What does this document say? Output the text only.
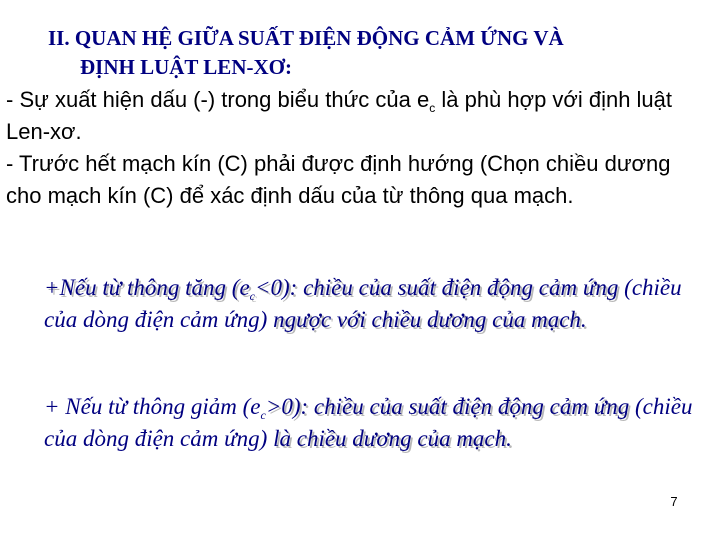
II. QUAN HỆ GIỮA SUẤT ĐIỆN ĐỘNG CẢM ỨNG VÀ
ĐỊNH LUẬT LEN-XƠ:

- Sự xuất hiện dấu (-) trong biểu thức của $e_c$ là phù hợp với định luật Len-xơ.

- Trước hết mạch kín (C) phải được định hướng (Chọn chiều dương cho mạch kín (C) để xác định dấu của từ thông qua mạch.

+Nếu từ thông tăng $(e_c<0)$: chiều của suất điện động cảm ứng (chiều của dòng điện cảm ứng) ngược với chiều dương của mạch.
+ Nếu từ thông giảm $(e_c>0)$: chiều của suất điện động cảm ứng (chiều của dòng điện cảm ứng) là chiều dương của mạch.
7
